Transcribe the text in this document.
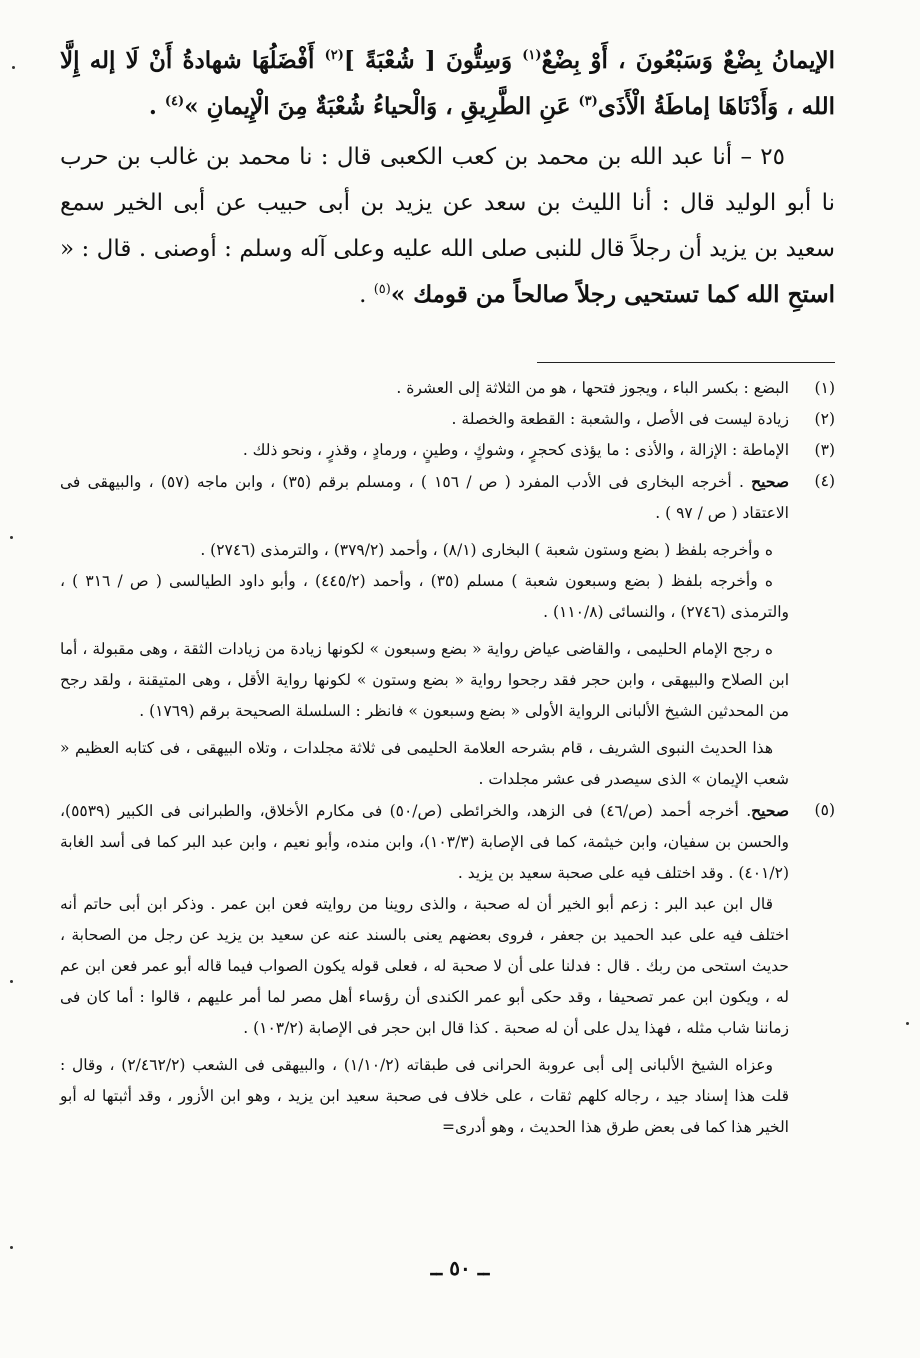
الإيمانُ بِضْعٌ وَسَبْعُونَ ، أَوْ بِضْعٌ$^{(١)}$ وَسِتُّونَ [ شُعْبَةً ]$^{(٢)}$ أَفْضَلُهَا شهادةُ أَنْ لَا إله إِلَّا الله ، وَأَدْنَاهَا إماطَةُ الْأَذَى$^{(٣)}$ عَنِ الطَّرِيقِ ، وَالْحياءُ شُعْبَةٌ مِنَ الْإِيمانِ »$^{(٤)}$ .

٢٥ – أنا عبد الله بن محمد بن كعب الكعبى قال : نا محمد بن غالب بن حرب نا أبو الوليد قال : أنا الليث بن سعد عن يزيد بن أبى حبيب عن أبى الخير سمع سعيد بن يزيد أن رجلاً قال للنبى صلى الله عليه وعلى آله وسلم : أوصنى . قال : « استحِ الله كما تستحيى رجلاً صالحاً من قومك »$^{(٥)}$ .

(١)
البضع : بكسر الباء ، ويجوز فتحها ، هو من الثلاثة إلى العشرة .
(٢)
زيادة ليست فى الأصل ، والشعبة : القطعة والخصلة .
(٣)
الإماطة : الإزالة ، والأذى : ما يؤذى كحجرٍ ، وشوكٍ ، وطينٍ ، ورمادٍ ، وقذرٍ ، ونحو ذلك .
(٤)
صحيح . أخرجه البخارى فى الأدب المفرد ( ص / ١٥٦ ) ، ومسلم برقم (٣٥) ، وابن ماجه (٥٧) ، والبيهقى فى الاعتقاد ( ص / ٩٧ ) .
ه وأخرجه بلفظ ( بضع وستون شعبة ) البخارى (٨/١) ، وأحمد (٣٧٩/٢) ، والترمذى (٢٧٤٦) .
ه وأخرجه بلفظ ( بضع وسبعون شعبة ) مسلم (٣٥) ، وأحمد (٤٤٥/٢) ، وأبو داود الطيالسى ( ص / ٣١٦ ) ، والترمذى (٢٧٤٦) ، والنسائى (١١٠/٨) .
ه رجح الإمام الحليمى ، والقاضى عياض رواية « بضع وسبعون » لكونها زيادة من زيادات الثقة ، وهى مقبولة ، أما ابن الصلاح والبيهقى ، وابن حجر فقد رجحوا رواية « بضع وستون » لكونها رواية الأقل ، وهى المتيقنة ، ولقد رجح من المحدثين الشيخ الألبانى الرواية الأولى « بضع وسبعون » فانظر : السلسلة الصحيحة برقم (١٧٦٩) .
هذا الحديث النبوى الشريف ، قام بشرحه العلامة الحليمى فى ثلاثة مجلدات ، وتلاه البيهقى ، فى كتابه العظيم « شعب الإيمان » الذى سيصدر فى عشر مجلدات .
(٥)
صحيح. أخرجه أحمد (ص/٤٦) فى الزهد، والخرائطى (ص/٥٠) فى مكارم الأخلاق، والطبرانى فى الكبير (٥٥٣٩)، والحسن بن سفيان، وابن خيثمة، كما فى الإصابة (١٠٣/٣)، وابن منده، وأبو نعيم ، وابن عبد البر كما فى أسد الغابة (٤٠١/٢) . وقد اختلف فيه على صحبة سعيد بن يزيد .
قال ابن عبد البر : زعم أبو الخير أن له صحبة ، والذى روينا من روايته فعن ابن عمر . وذكر ابن أبى حاتم أنه اختلف فيه على عبد الحميد بن جعفر ، فروى بعضهم يعنى بالسند عنه عن سعيد بن يزيد عن رجل من الصحابة ، حديث استحى من ربك . قال : فدلنا على أن لا صحبة له ، فعلى قوله يكون الصواب فيما قاله أبو عمر فعن ابن عم له ، ويكون ابن عمر تصحيفا ، وقد حكى أبو عمر الكندى أن رؤساء أهل مصر لما أمر عليهم ، قالوا : أما كان فى زماننا شاب مثله ، فهذا يدل على أن له صحبة . كذا قال ابن حجر فى الإصابة (١٠٣/٢) .
وعزاه الشيخ الألبانى إلى أبى عروبة الحرانى فى طبقاته (١/١٠/٢) ، والبيهقى فى الشعب (٢/٤٦٢/٢) ، وقال : قلت هذا إسناد جيد ، رجاله كلهم ثقات ، على خلاف فى صحبة سعيد ابن يزيد ، وهو ابن الأزور ، وقد أثبتها له أبو الخير هذا كما فى بعض طرق هذا الحديث ، وهو أدرى=
ــ ٥٠ ــ
